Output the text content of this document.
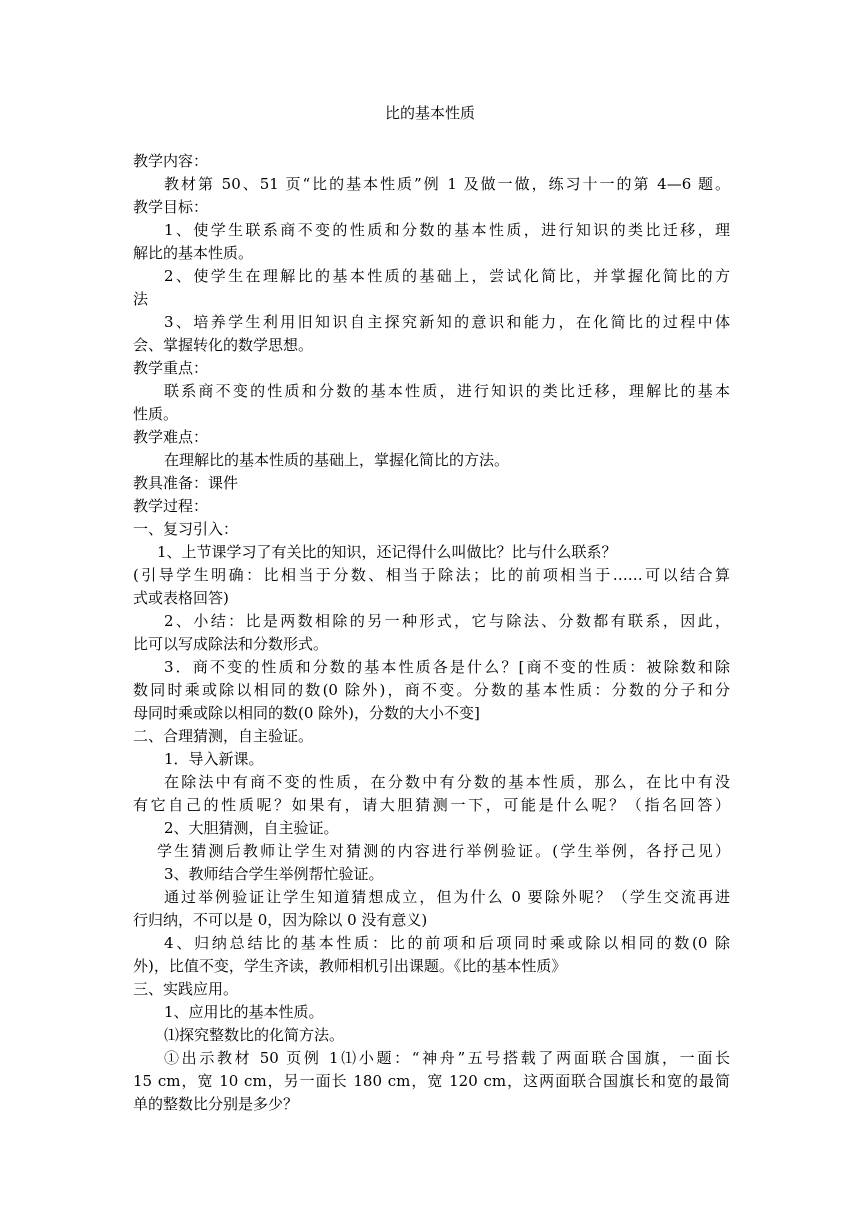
比的基本性质

教学内容：

教材第 50、51 页“比的基本性质”例 1 及做一做，练习十一的第 4—6 题。

教学目标：

1、使学生联系商不变的性质和分数的基本性质，进行知识的类比迁移，理

解比的基本性质。

2、使学生在理解比的基本性质的基础上，尝试化简比，并掌握化简比的方

法

3、培养学生利用旧知识自主探究新知的意识和能力，在化简比的过程中体

会、掌握转化的数学思想。

教学重点：

联系商不变的性质和分数的基本性质，进行知识的类比迁移，理解比的基本

性质。

教学难点：

在理解比的基本性质的基础上，掌握化简比的方法。

教具准备：课件

教学过程：

一、复习引入：

1、上节课学习了有关比的知识，还记得什么叫做比？比与什么联系？

(引导学生明确：比相当于分数、相当于除法；比的前项相当于……可以结合算

式或表格回答)

2、小结：比是两数相除的另一种形式，它与除法、分数都有联系，因此，

比可以写成除法和分数形式。

3．商不变的性质和分数的基本性质各是什么？[商不变的性质：被除数和除

数同时乘或除以相同的数(0 除外)，商不变。分数的基本性质：分数的分子和分

母同时乘或除以相同的数(0 除外)，分数的大小不变]

二、合理猜测，自主验证。

1．导入新课。

在除法中有商不变的性质，在分数中有分数的基本性质，那么，在比中有没

有它自己的性质呢？如果有，请大胆猜测一下，可能是什么呢？（指名回答）

2、大胆猜测，自主验证。

学生猜测后教师让学生对猜测的内容进行举例验证。(学生举例，各抒己见）

3、教师结合学生举例帮忙验证。

通过举例验证让学生知道猜想成立，但为什么 0 要除外呢？（学生交流再进

行归纳，不可以是 0，因为除以 0 没有意义)

4、归纳总结比的基本性质：比的前项和后项同时乘或除以相同的数(0 除

外)，比值不变，学生齐读，教师相机引出课题。《比的基本性质》

三、实践应用。

1、应用比的基本性质。

⑴探究整数比的化简方法。

①出示教材 50 页例 1⑴小题：“神舟”五号搭载了两面联合国旗，一面长

15 cm，宽 10 cm，另一面长 180 cm，宽 120 cm，这两面联合国旗长和宽的最简

单的整数比分别是多少？
